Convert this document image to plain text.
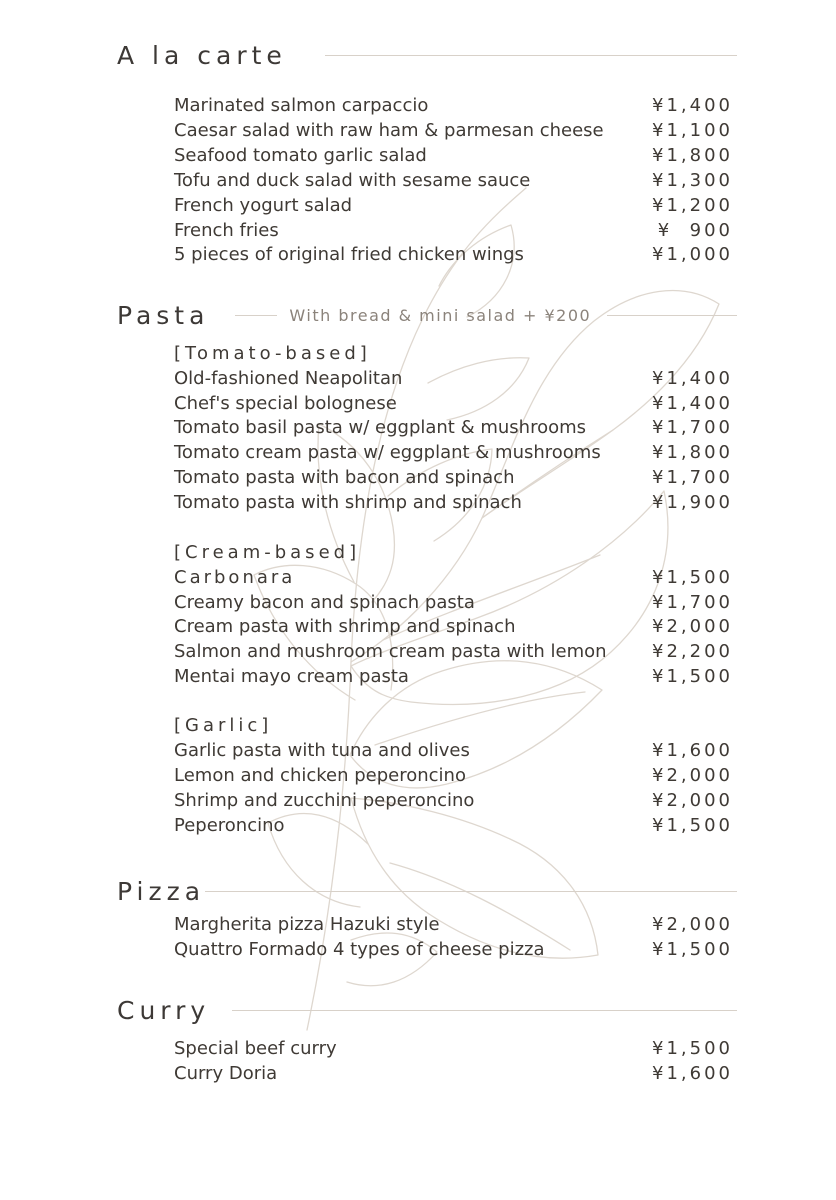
A la carte
Marinated salmon carpaccio	¥1,400
Caesar salad with raw ham & parmesan cheese	¥1,100
Seafood tomato garlic salad	¥1,800
Tofu and duck salad with sesame sauce	¥1,300
French yogurt salad	¥1,200
French fries	¥  900
5 pieces of original fried chicken wings	¥1,000
Pasta	With bread & mini salad + ¥200
[Tomato-based]
Old-fashioned Neapolitan	¥1,400
Chef's special bolognese	¥1,400
Tomato basil pasta w/ eggplant & mushrooms	¥1,700
Tomato cream pasta w/ eggplant & mushrooms	¥1,800
Tomato pasta with bacon and spinach	¥1,700
Tomato pasta with shrimp and spinach	¥1,900
[Cream-based]
Carbonara	¥1,500
Creamy bacon and spinach pasta	¥1,700
Cream pasta with shrimp and spinach	¥2,000
Salmon and mushroom cream pasta with lemon	¥2,200
Mentai mayo cream pasta	¥1,500
[Garlic]
Garlic pasta with tuna and olives	¥1,600
Lemon and chicken peperoncino	¥2,000
Shrimp and zucchini peperoncino	¥2,000
Peperoncino	¥1,500
Pizza
Margherita pizza Hazuki style	¥2,000
Quattro Formado 4 types of cheese pizza	¥1,500
Curry
Special beef curry	¥1,500
Curry Doria	¥1,600
